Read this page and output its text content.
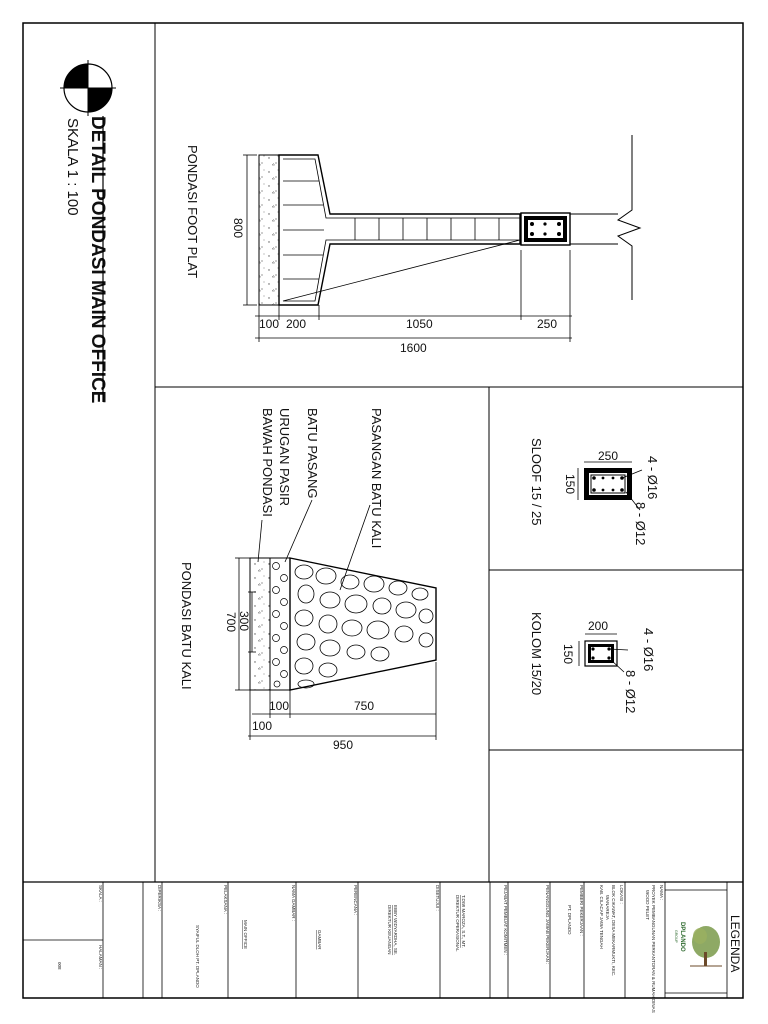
DETAIL PONDASI MAIN OFFICE
SKALA 1 : 100
800
100 200	1050	250
1600
PONDASI FOOT PLAT
PASANGAN BATU KALI
BATU PASANG
URUGAN PASIR
BAWAH PONDASI
700 300
100	750
100
950
PONDASI BATU KALI
250
150	4 - Ø16
8 - Ø12
SLOOF 15 / 25
200
150	4 - Ø16
8 - Ø12
KOLOM 15/20
LEGENDA
DPLANDO
GROUP
NAMA :
PROYEK PEMBANGUNAN PERKANTORAN & RUMAH DINAS
WOOD PELET
LOKASI :
BLOK CIKAWAT, DESA MEKARMUKTI, KEC.
WANAREJA
KAB. CILACAP JAWA TENGAH
PEMBERI PEKERJAAN :
PT. DPLANDO
PENANGGUNG JAWAB PEKERJAAN :
PEJABAT PEMBUAT KOMITMEN :
T.DWI MAROZA, S.T., MT.
DIREKTUR OPERASIONAL
DISETUJUI :
EBBY WIDYARDHA, SE.
DIREKTUR KEUANGAN
PERENCANA :
GAMBAR
NAMA GAMBAR :
MAIN OFFICE
PELAKSANA :
SYAIFUL DLOH PT. DPLANDO
DIPERIKSA :
SKALA :
HALAMAN :
008
